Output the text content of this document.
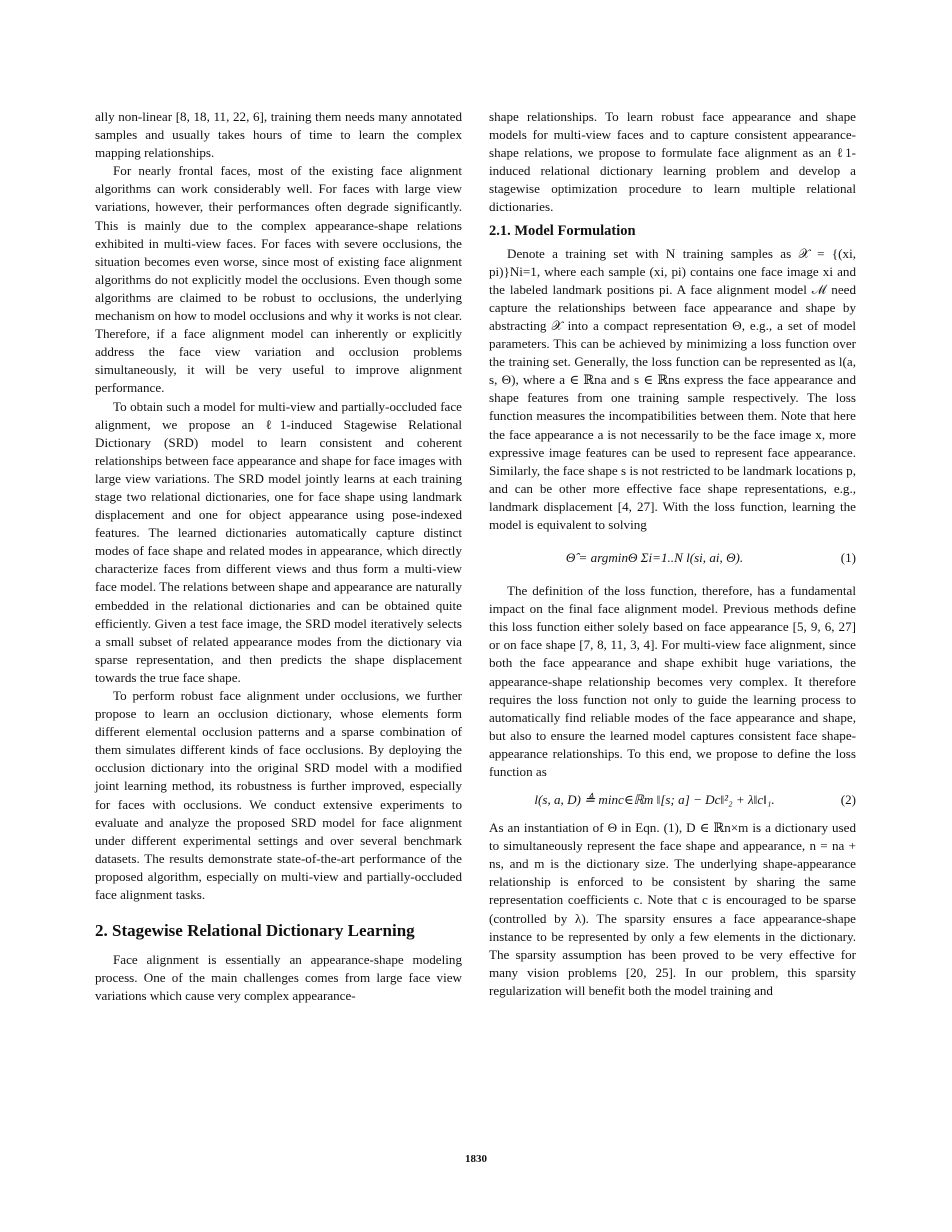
ally non-linear [8, 18, 11, 22, 6], training them needs many annotated samples and usually takes hours of time to learn the complex mapping relationships.

For nearly frontal faces, most of the existing face alignment algorithms can work considerably well. For faces with large view variations, however, their performances often degrade significantly. This is mainly due to the complex appearance-shape relations exhibited in multi-view faces. For faces with severe occlusions, the situation becomes even worse, since most of existing face alignment algorithms do not explicitly model the occlusions. Even though some algorithms are claimed to be robust to occlusions, the underlying mechanism on how to model occlusions and why it works is not clear. Therefore, if a face alignment model can inherently or explicitly address the face view variation and occlusion problems simultaneously, it will be very useful to improve alignment performance.

To obtain such a model for multi-view and partially-occluded face alignment, we propose an ℓ1-induced Stagewise Relational Dictionary (SRD) model to learn consistent and coherent relationships between face appearance and shape for face images with large view variations. The SRD model jointly learns at each training stage two relational dictionaries, one for face shape using landmark displacement and one for object appearance using pose-indexed features. The learned dictionaries automatically capture distinct modes of face shape and related modes in appearance, which directly characterize faces from different views and thus form a multi-view face model. The relations between shape and appearance are naturally embedded in the relational dictionaries and can be obtained quite efficiently. Given a test face image, the SRD model iteratively selects a small subset of related appearance modes from the dictionary via sparse representation, and then predicts the shape displacement towards the true face shape.

To perform robust face alignment under occlusions, we further propose to learn an occlusion dictionary, whose elements form different elemental occlusion patterns and a sparse combination of them simulates different kinds of face occlusions. By deploying the occlusion dictionary into the original SRD model with a modified joint learning method, its robustness is further improved, especially for faces with occlusions. We conduct extensive experiments to evaluate and analyze the proposed SRD model for face alignment under different experimental settings and over several benchmark datasets. The results demonstrate state-of-the-art performance of the proposed algorithm, especially on multi-view and partially-occluded face alignment tasks.

2. Stagewise Relational Dictionary Learning

Face alignment is essentially an appearance-shape modeling process. One of the main challenges comes from large face view variations which cause very complex appearance-

shape relationships. To learn robust face appearance and shape models for multi-view faces and to capture consistent appearance-shape relations, we propose to formulate face alignment as an ℓ1-induced relational dictionary learning problem and develop a stagewise optimization procedure to learn multiple relational dictionaries.

2.1. Model Formulation

Denote a training set with N training samples as 𝒳 = {(xi, pi)}Ni=1, where each sample (xi, pi) contains one face image xi and the labeled landmark positions pi. A face alignment model ℳ need capture the relationships between face appearance and shape by abstracting 𝒳 into a compact representation Θ, e.g., a set of model parameters. This can be achieved by minimizing a loss function over the training set. Generally, the loss function can be represented as l(a, s, Θ), where a ∈ ℝna and s ∈ ℝns express the face appearance and shape features from one training sample respectively. The loss function measures the incompatibilities between them. Note that here the face appearance a is not necessarily to be the face image x, more expressive image features can be used to represent face appearance. Similarly, the face shape s is not restricted to be landmark locations p, and can be other more effective face shape representations, e.g., landmark displacement [4, 27]. With the loss function, learning the model is equivalent to solving

Θ̂ = argminΘ Σi=1..N l(si, ai, Θ).	(1)

The definition of the loss function, therefore, has a fundamental impact on the final face alignment model. Previous methods define this loss function either solely based on face appearance [5, 9, 6, 27] or on face shape [7, 8, 11, 3, 4]. For multi-view face alignment, since both the face appearance and shape exhibit huge variations, the appearance-shape relationship becomes very complex. It therefore requires the loss function not only to guide the learning process to automatically find reliable modes of the face appearance and shape, but also to ensure the learned model captures consistent face shape-appearance relationships. To this end, we propose to define the loss function as

l(s, a, D) ≜ minc∈ℝm ‖[s; a] − Dc‖²₂ + λ‖c‖₁.	(2)

As an instantiation of Θ in Eqn. (1), D ∈ ℝn×m is a dictionary used to simultaneously represent the face shape and appearance, n = na + ns, and m is the dictionary size. The underlying shape-appearance relationship is enforced to be consistent by sharing the same representation coefficients c. Note that c is encouraged to be sparse (controlled by λ). The sparsity ensures a face appearance-shape instance to be represented by only a few elements in the dictionary. The sparsity assumption has been proved to be very effective for many vision problems [20, 25]. In our problem, this sparsity regularization will benefit both the model training and

1830
